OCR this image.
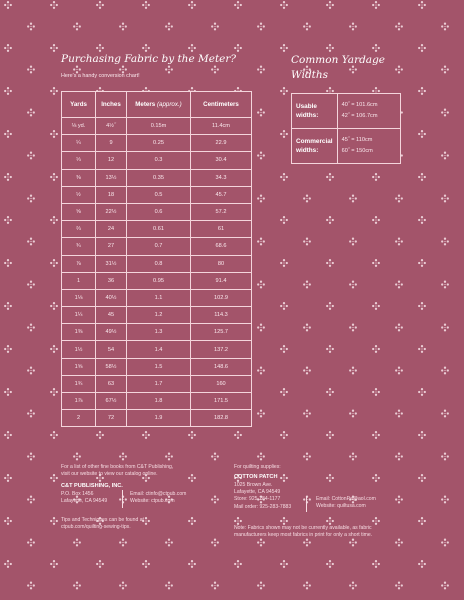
Purchasing Fabric by the Meter?
Here's a handy conversion chart!
Yards	Inches	Meters (approx.)	Centimeters
⅛ yd.	4½˝	0.15m	11.4cm
¼	9	0.25	22.9
⅓	12	0.3	30.4
⅜	13½	0.35	34.3
½	18	0.5	45.7
⅝	22½	0.6	57.2
⅔	24	0.61	61
¾	27	0.7	68.6
⅞	31½	0.8	80
1	36	0.95	91.4
1⅛	40½	1.1	102.9
1¼	45	1.2	114.3
1⅜	49½	1.3	125.7
1½	54	1.4	137.2
1⅝	58½	1.5	148.6
1¾	63	1.7	160
1⅞	67½	1.8	171.5
2	72	1.9	182.8
Common Yardage Widths
Usable widths:	40˝ = 101.6cm
42˝ = 106.7cm

Commercial widths:	45˝ = 110cm
60˝ = 150cm
For a list of other fine books from C&T Publishing,
visit our website to view our catalog online.
C&T PUBLISHING, INC.
P.O. Box 1456
Lafayette, CA 94549
Email: ctinfo@ctpub.com
Website: ctpub.com
Tips and Techniques can be found at
ctpub.com/quilting-sewing-tips.
For quilting supplies:
COTTON PATCH
1025 Brown Ave.
Lafayette, CA 94549
Store: 925-284-1177
Mail order: 925-283-7883
Email: CottonPa@aol.com
Website: quiltusa.com
Note: Fabrics shown may not be currently available, as fabric
manufacturers keep most fabrics in print for only a short time.
